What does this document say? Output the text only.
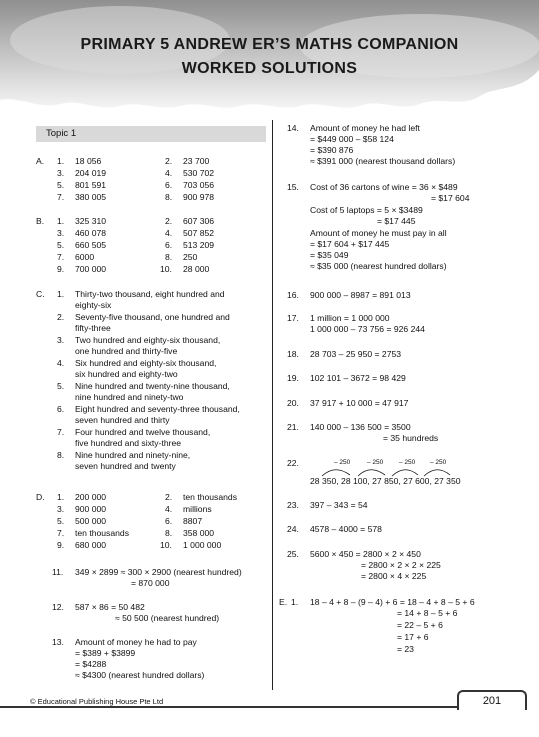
PRIMARY 5 ANDREW ER’S MATHS COMPANION
WORKED SOLUTIONS
Topic 1
A. 1. 18 056	2. 23 700
3. 204 019	4. 530 702
5. 801 591	6. 703 056
7. 380 005	8. 900 978
B. 1. 325 310	2. 607 306
3. 460 078	4. 507 852
5. 660 505	6. 513 209
7. 6000	8. 250
9. 700 000	10. 28 000
C. 1. Thirty-two thousand, eight hundred and
eighty-six
2. Seventy-five thousand, one hundred and
fifty-three
3. Two hundred and eighty-six thousand,
one hundred and thirty-five
4. Six hundred and eighty-six thousand,
six hundred and eighty-two
5. Nine hundred and twenty-nine thousand,
nine hundred and ninety-two
6. Eight hundred and seventy-three thousand,
seven hundred and thirty
7. Four hundred and twelve thousand,
five hundred and sixty-three
8. Nine hundred and ninety-nine,
seven hundred and twenty
D. 1. 200 000	2. ten thousands
3. 900 000	4. millions
5. 500 000	6. 8807
7. ten thousands	8. 358 000
9. 680 000	10. 1 000 000
11. 349 × 2899 ≈ 300 × 2900 (nearest hundred)
= 870 000
12. 587 × 86 = 50 482
≈ 50 500 (nearest hundred)
13. Amount of money he had to pay
= $389 + $3899
= $4288
≈ $4300 (nearest hundred dollars)
14. Amount of money he had left
= $449 000 – $58 124
= $390 876
≈ $391 000 (nearest thousand dollars)
15. Cost of 36 cartons of wine = 36 × $489
= $17 604
Cost of 5 laptops = 5 × $3489
= $17 445
Amount of money he must pay in all
= $17 604 + $17 445
= $35 049
≈ $35 000 (nearest hundred dollars)
16. 900 000 – 8987 = 891 013
17. 1 million = 1 000 000
1 000 000 – 73 756 = 926 244
18. 28 703 – 25 950 = 2753
19. 102 101 – 3672 = 98 429
20. 37 917 + 10 000 = 47 917
21. 140 000 – 136 500 = 3500
= 35 hundreds
22.	– 250	– 250 – 250 – 250
28 350, 28 100, 27 850, 27 600, 27 350
23. 397 – 343 = 54
24. 4578 – 4000 = 578
25. 5600 × 450 = 2800 × 2 × 450
= 2800 × 2 × 2 × 225
= 2800 × 4 × 225
E. 1. 18 – 4 + 8 – (9 – 4) + 6 = 18 – 4 + 8 – 5 + 6
= 14 + 8 – 5 + 6
= 22 – 5 + 6
= 17 + 6
= 23
© Educational Publishing House Pte Ltd	201
